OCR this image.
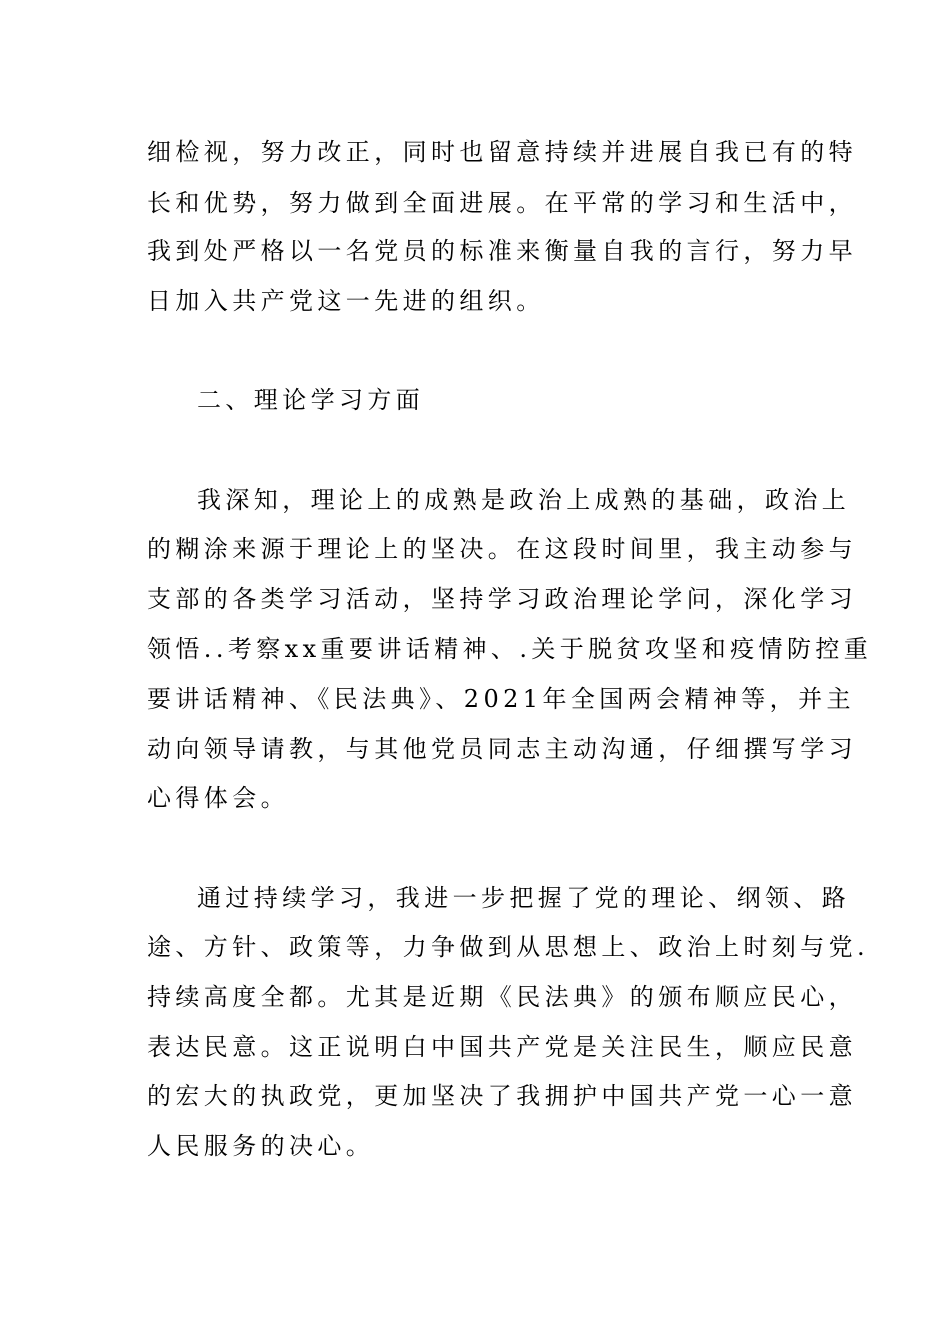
细检视，努力改正，同时也留意持续并进展自我已有的特

长和优势，努力做到全面进展。在平常的学习和生活中，

我到处严格以一名党员的标准来衡量自我的言行，努力早

日加入共产党这一先进的组织。

二、理论学习方面

我深知，理论上的成熟是政治上成熟的基础，政治上

的糊涂来源于理论上的坚决。在这段时间里，我主动参与

支部的各类学习活动，坚持学习政治理论学问，深化学习

领悟..考察xx重要讲话精神、.关于脱贫攻坚和疫情防控重

要讲话精神、《民法典》、2021年全国两会精神等，并主

动向领导请教，与其他党员同志主动沟通，仔细撰写学习

心得体会。

通过持续学习，我进一步把握了党的理论、纲领、路

途、方针、政策等，力争做到从思想上、政治上时刻与党.

持续高度全都。尤其是近期《民法典》的颁布顺应民心，

表达民意。这正说明白中国共产党是关注民生，顺应民意

的宏大的执政党，更加坚决了我拥护中国共产党一心一意

人民服务的决心。
